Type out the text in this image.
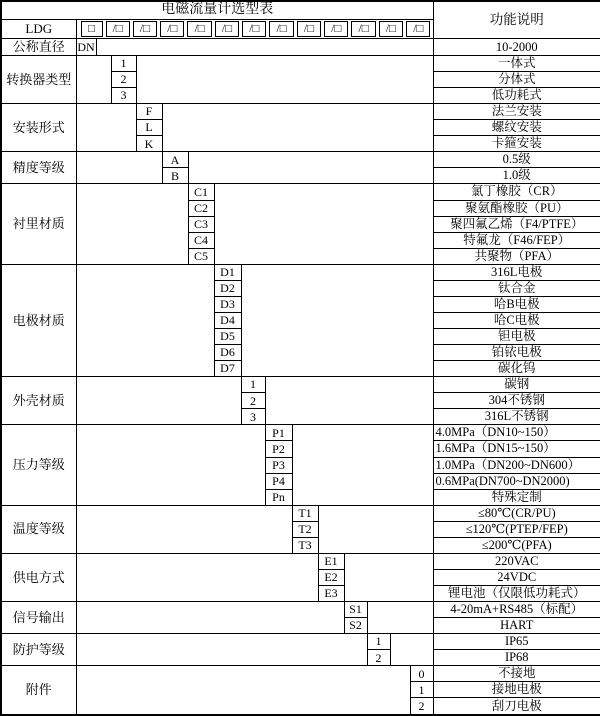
电磁流量计选型表																功能说明
LDG	□	/□	/□	/□	/□	/□	/□	/□	/□	/□	/□	/□	/□

公称直径	DN															10-2000
转换器类型			1													一体式
			2													分体式
			3													低功耗式
安装形式				F												法兰安装
				L												螺纹安装
				K												卡箍安装
精度等级					A											0.5级
					B											1.0级
衬里材质						C1										氯丁橡胶（CR）
						C2										聚氨酯橡胶（PU）
						C3										聚四氟乙烯（F4/PTFE）
						C4										特氟龙（F46/FEP）
						C5										共聚物（PFA）
电极材质							D1									316L电极
							D2									钛合金
							D3									哈B电极
							D4									哈C电极
							D5									钽电极
							D6									铂铱电极
							D7									碳化钨
外壳材质								1								碳钢
								2								304不锈钢
								3								316L不锈钢
压力等级									P1							4.0MPa（DN10~150）
									P2							1.6MPa（DN15~150）
									P3							1.0MPa（DN200~DN600）
									P4							0.6MPa(DN700~DN2000)
									Pn							特殊定制
温度等级										T1						≤80℃(CR/PU)
										T2						≤120℃(PTEP/FEP)
										T3						≤200℃(PFA)
供电方式											E1					220VAC
											E2					24VDC
											E3					锂电池（仅限低功耗式）
信号输出												S1				4-20mA+RS485（标配）
												S2				HART
防护等级													1			IP65
													2			IP68
附件															0	不接地
															1	接地电极
															2	刮刀电极
